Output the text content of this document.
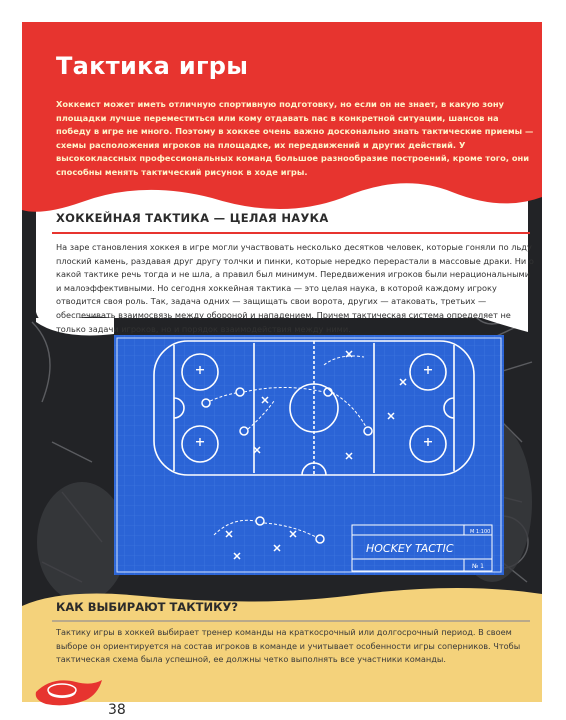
Тактика игры

Хоккеист может иметь отличную спортивную подготовку, но если он не знает, в какую зону площадки лучше переместиться или кому отдавать пас в конкретной ситуации, шансов на победу в игре не много. Поэтому в хоккее очень важно досконально знать тактические приемы — схемы расположения игроков на площадке, их передвижений и других действий. У высококлассных профессиональных команд большое разнообразие построений, кроме того, они способны менять тактический рисунок в ходе игры.

ХОККЕЙНАЯ ТАКТИКА — ЦЕЛАЯ НАУКА

На заре становления хоккея в игре могли участвовать несколько десятков человек, которые гоняли по льду плоский камень, раздавая друг другу толчки и пинки, которые нередко перерастали в массовые драки. Ни о какой тактике речь тогда и не шла, а правил был минимум. Передвижения игроков были нерациональными и малоэффективными. Но сегодня хоккейная тактика — это целая наука, в которой каждому игроку отводится своя роль. Так, задача одних — защищать свои ворота, других — атаковать, третьих — обеспечивать взаимосвязь между обороной и нападением. Причем тактическая система определяет не только задачи игроков, но и порядок взаимодействия между ними.

М 1:100
HOCKEY TACTIC
№ 1
КАК ВЫБИРАЮТ ТАКТИКУ?

Тактику игры в хоккей выбирает тренер команды на краткосрочный или долгосрочный период. В своем выборе он ориентируется на состав игроков в команде и учитывает особенности игры соперников. Чтобы тактическая схема была успешной, ее должны четко выполнять все участники команды.

38
